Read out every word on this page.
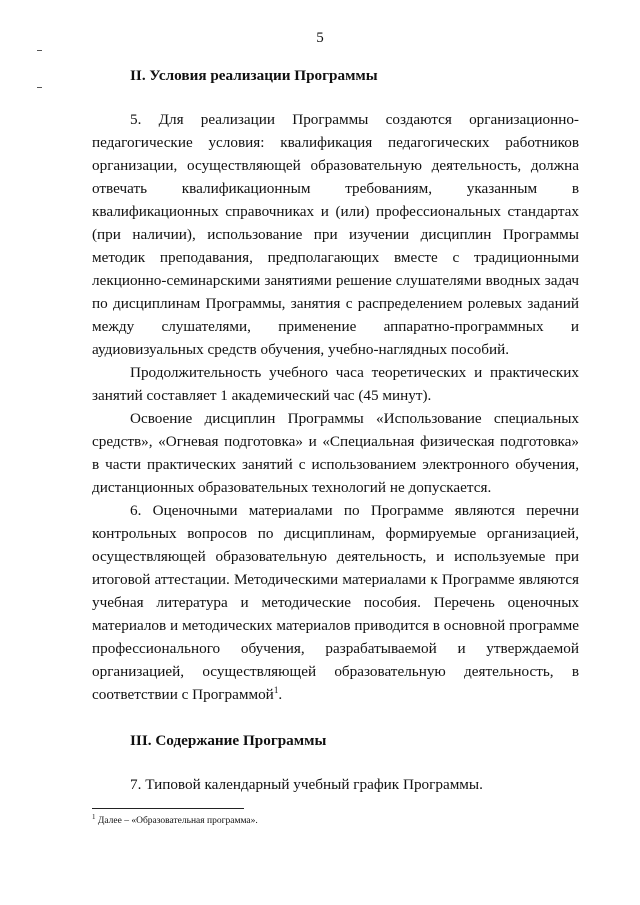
5
II. Условия реализации Программы

5. Для реализации Программы создаются организационно-педагогические условия: квалификация педагогических работников организации, осуществляющей образовательную деятельность, должна отвечать квалификационным требованиям, указанным в квалификационных справочниках и (или) профессиональных стандартах (при наличии), использование при изучении дисциплин Программы методик преподавания, предполагающих вместе с традиционными лекционно-семинарскими занятиями решение слушателями вводных задач по дисциплинам Программы, занятия с распределением ролевых заданий между слушателями, применение аппаратно-программных и аудиовизуальных средств обучения, учебно-наглядных пособий.

Продолжительность учебного часа теоретических и практических занятий составляет 1 академический час (45 минут).

Освоение дисциплин Программы «Использование специальных средств», «Огневая подготовка» и «Специальная физическая подготовка» в части практических занятий с использованием электронного обучения, дистанционных образовательных технологий не допускается.

6. Оценочными материалами по Программе являются перечни контрольных вопросов по дисциплинам, формируемые организацией, осуществляющей образовательную деятельность, и используемые при итоговой аттестации. Методическими материалами к Программе являются учебная литература и методические пособия. Перечень оценочных материалов и методических материалов приводится в основной программе профессионального обучения, разрабатываемой и утверждаемой организацией, осуществляющей образовательную деятельность, в соответствии с Программой$^1$.

III. Содержание Программы

7. Типовой календарный учебный график Программы.

$^1$ Далее – «Образовательная программа».
